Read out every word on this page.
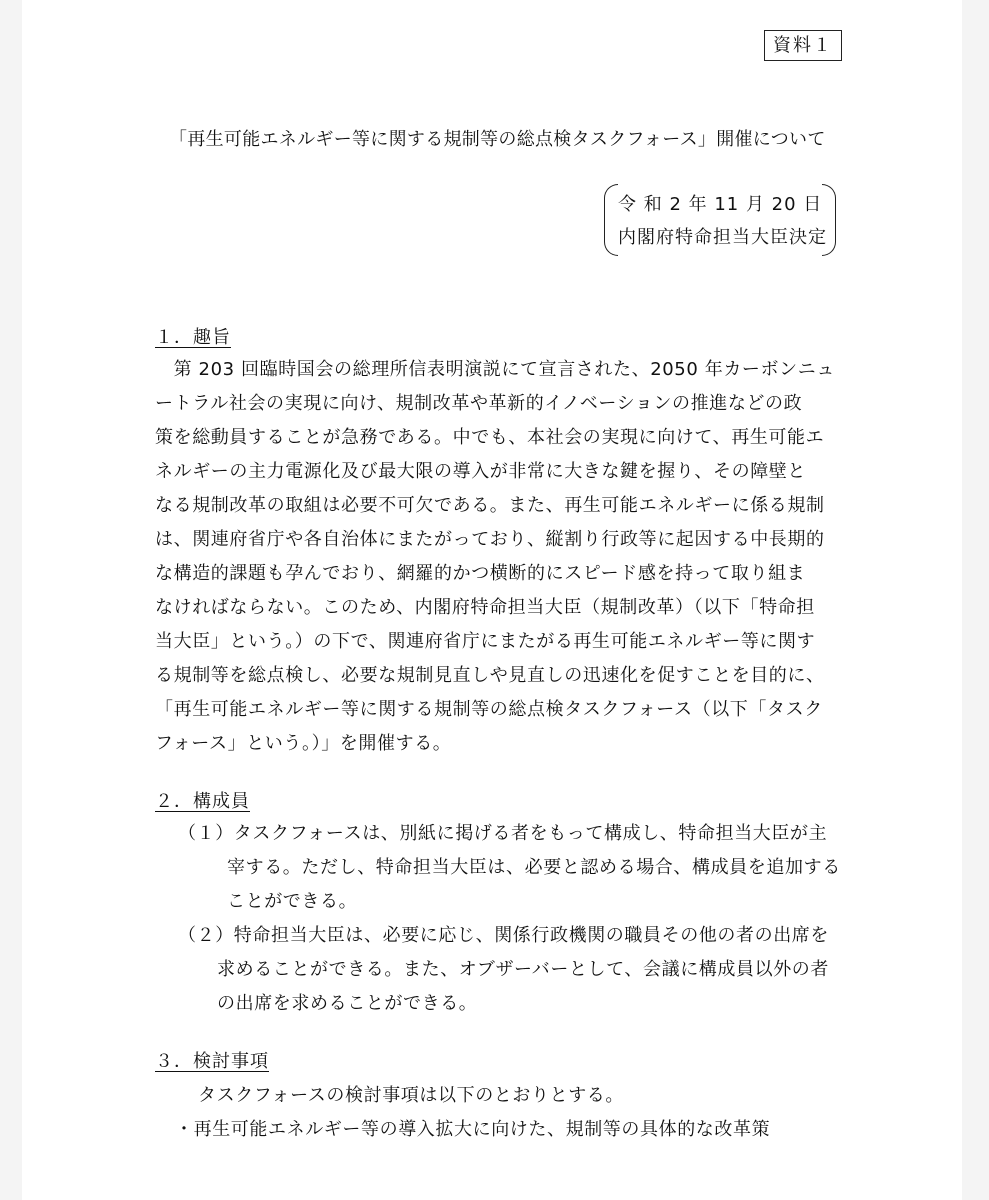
資料１
「再生可能エネルギー等に関する規制等の総点検タスクフォース」開催について
令 和 2 年 11 月 20 日
内閣府特命担当大臣決定
１．趣旨
　第 203 回臨時国会の総理所信表明演説にて宣言された、2050 年カーボンニュ
ートラル社会の実現に向け、規制改革や革新的イノベーションの推進などの政
策を総動員することが急務である。中でも、本社会の実現に向けて、再生可能エ
ネルギーの主力電源化及び最大限の導入が非常に大きな鍵を握り、その障壁と
なる規制改革の取組は必要不可欠である。また、再生可能エネルギーに係る規制
は、関連府省庁や各自治体にまたがっており、縦割り行政等に起因する中長期的
な構造的課題も孕んでおり、網羅的かつ横断的にスピード感を持って取り組ま
なければならない。このため、内閣府特命担当大臣（規制改革）（以下「特命担
当大臣」という。）の下で、関連府省庁にまたがる再生可能エネルギー等に関す
る規制等を総点検し、必要な規制見直しや見直しの迅速化を促すことを目的に、
「再生可能エネルギー等に関する規制等の総点検タスクフォース（以下「タスク
フォース」という。）」を開催する。
２．構成員
（１）タスクフォースは、別紙に掲げる者をもって構成し、特命担当大臣が主
宰する。ただし、特命担当大臣は、必要と認める場合、構成員を追加する
ことができる。
（２）特命担当大臣は、必要に応じ、関係行政機関の職員その他の者の出席を
求めることができる。また、オブザーバーとして、会議に構成員以外の者
の出席を求めることができる。
３．検討事項
タスクフォースの検討事項は以下のとおりとする。
・再生可能エネルギー等の導入拡大に向けた、規制等の具体的な改革策
